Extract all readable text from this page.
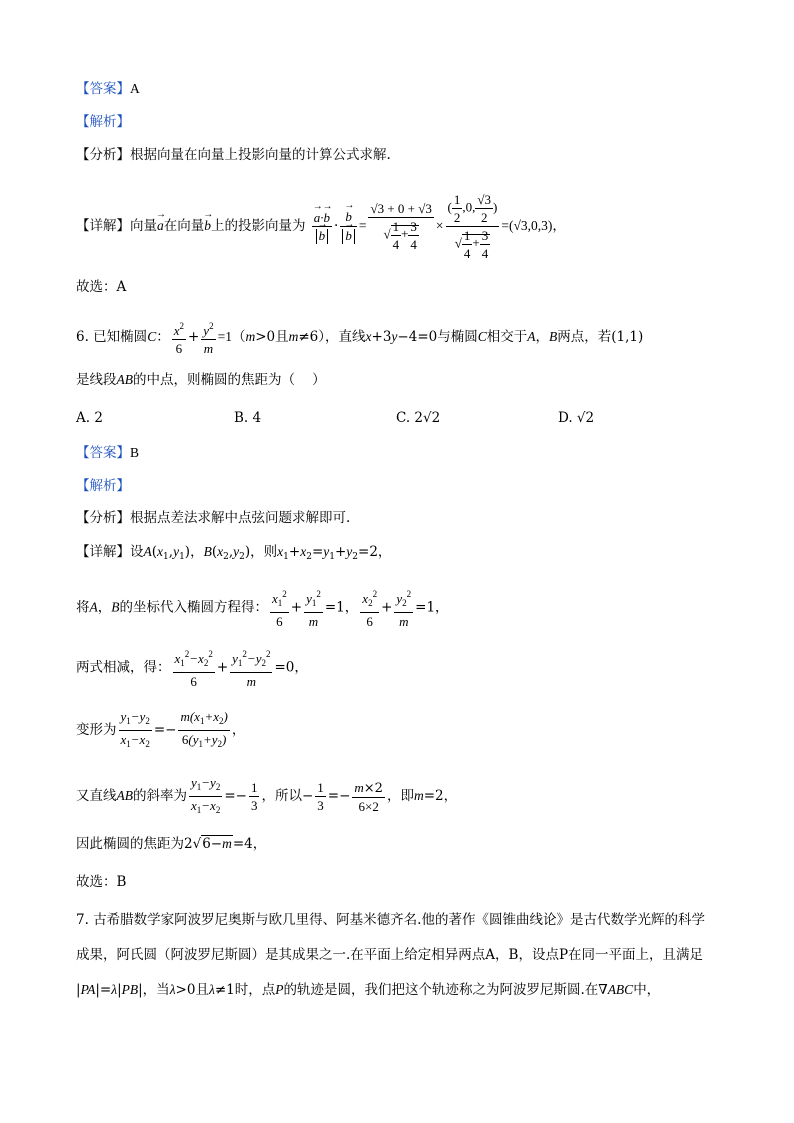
【答案】A
【解析】
【分析】根据向量在向量上投影向量的计算公式求解.
【详解】向量→ a在向量→ b上的投影向量为 → a·→ b
→ b · → b
→ $b = \frac{√3 + 0 + √3}{√ \frac{1}{4} + \frac{3}{4}} \times \frac{( \frac{1}{2} ,0, \frac{√3}{2} )}{√ \frac{1}{4} + \frac{3}{4}} =(√3,0,3)$，
故选：A
6. 已知椭圆C： $\frac{x^2}{6} + \frac{y^2}{m} =1(m>0$且m≠6），直线x+3y−4=0与椭圆C相交于A，B两点，若(1,1)
是线段AB的中点，则椭圆的焦距为（    ）
A. 2	B. 4	C. 2√2	D. √2
【答案】B
【解析】
【分析】根据点差法求解中点弦问题求解即可.
【详解】设$A(x_1,y_1)$，$B(x_2,y_2)$，则$x_1+x_2=y_1+y_2=2$，
将A，B的坐标代入椭圆方程得： $\frac{x_1^2}{6} + \frac{y_1^2}{m} =1$， $\frac{x_2^2}{6} + \frac{y_2^2}{m} =1$，
两式相减，得： $\frac{x_1^2-x_2^2}{6} + \frac{y_1^2-y_2^2}{m} =0$，
变形为 $\frac{y_1-y_2}{x_1-x_2} =- \frac{m(x_1+x_2)}{6(y_1+y_2)}$ ，
又直线AB的斜率为 $\frac{y_1-y_2}{x_1-x_2} =- \frac{1}{3}$ ，所以− $\frac{1}{3} =- \frac{m\times 2}{6\times 2}$ ，即m=2，
因此椭圆的焦距为2√6−m=4，
故选：B
7. 古希腊数学家阿波罗尼奥斯与欧几里得、阿基米德齐名.他的著作《圆锥曲线论》是古代数学光辉的科学
成果，阿氏圆（阿波罗尼斯圆）是其成果之一.在平面上给定相异两点A，B，设点P在同一平面上，且满足
|PA|=λ|PB|，当λ>0且λ≠1时，点P的轨迹是圆，我们把这个轨迹称之为阿波罗尼斯圆.在∇ABC中，
